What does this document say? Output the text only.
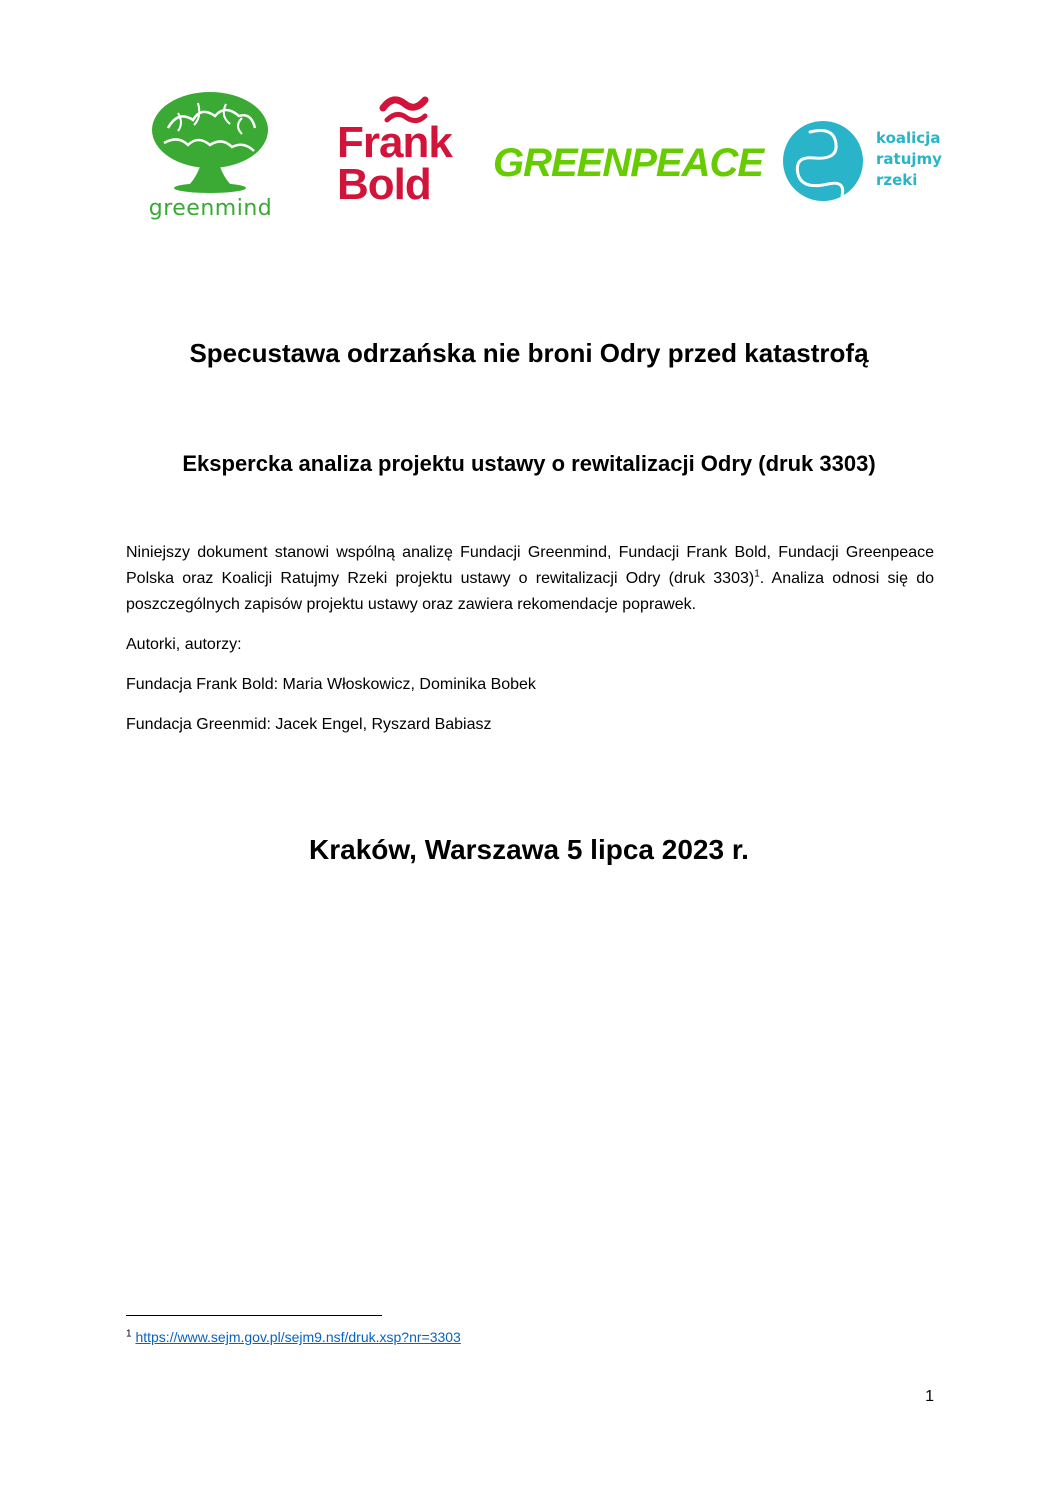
greenmind
Frank
Bold	GREENPEACE
koalicja
ratujmy
rzeki
Specustawa odrzańska nie broni Odry przed katastrofą
Ekspercka analiza projektu ustawy o rewitalizacji Odry (druk 3303)
Niniejszy dokument stanowi wspólną analizę Fundacji Greenmind, Fundacji Frank Bold, Fundacji Greenpeace Polska oraz Koalicji Ratujmy Rzeki projektu ustawy o rewitalizacji Odry (druk 3303)$^1$. Analiza odnosi się do poszczególnych zapisów projektu ustawy oraz zawiera rekomendacje poprawek.
Autorki, autorzy:
Fundacja Frank Bold: Maria Włoskowicz, Dominika Bobek
Fundacja Greenmid: Jacek Engel, Ryszard Babiasz
Kraków, Warszawa 5 lipca 2023 r.
$^1$ https://www.sejm.gov.pl/sejm9.nsf/druk.xsp?nr=3303
1
